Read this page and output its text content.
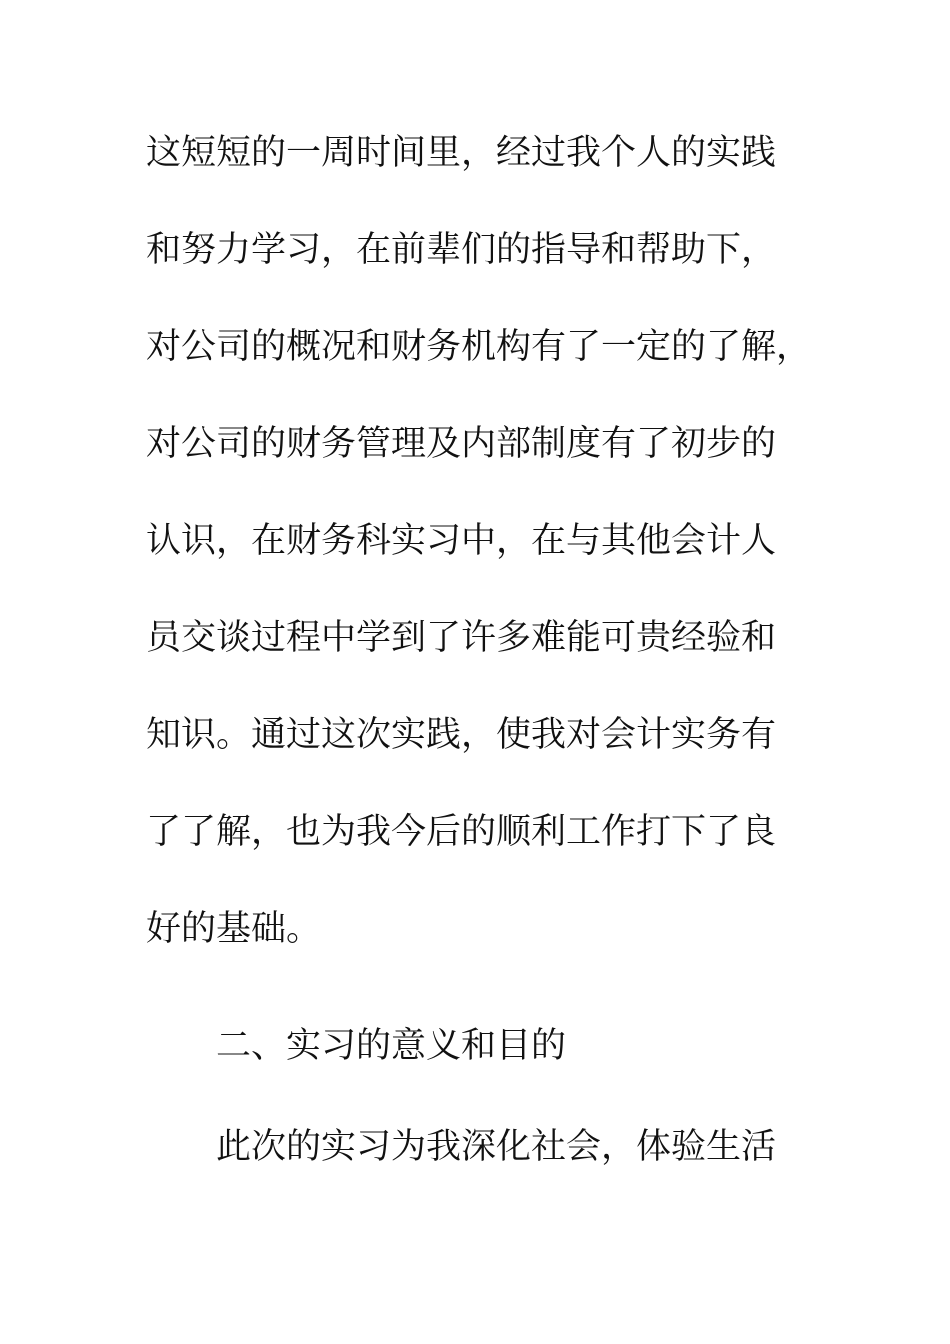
这短短的一周时间里，经过我个人的实践
和努力学习，在前辈们的指导和帮助下，
对公司的概况和财务机构有了一定的了解，
对公司的财务管理及内部制度有了初步的
认识，在财务科实习中，在与其他会计人
员交谈过程中学到了许多难能可贵经验和
知识。通过这次实践，使我对会计实务有
了了解，也为我今后的顺利工作打下了良
好的基础。
二、实习的意义和目的
此次的实习为我深化社会，体验生活
